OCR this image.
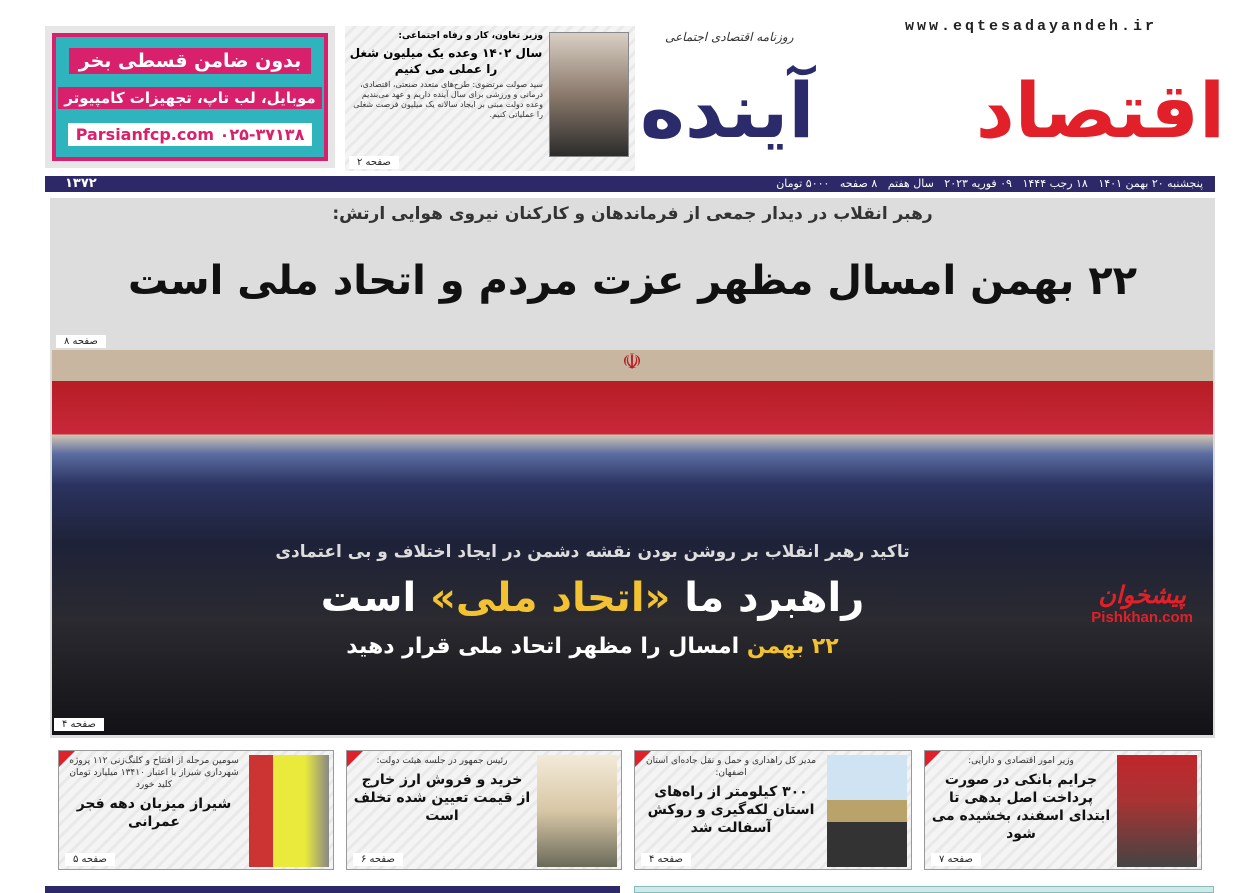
www.eqtesadayandeh.ir
روزنامه اقتصادی اجتماعی
اقتصاد
آینده
وزیر تعاون، کار و رفاه اجتماعی:
سال ۱۴۰۲ وعده یک میلیون شغل را عملی می کنیم
سید صولت مرتضوی: طرح‌های متعدد صنعتی، اقتصادی، درمانی و ورزشی برای سال آینده داریم و عهد می‌بندیم وعده دولت مبنی بر ایجاد سالانه یک میلیون فرصت شغلی را عملیاتی کنیم.
صفحه ۲
بدون ضامن قسطی بخر
موبایل، لب تاپ، تجهیزات کامپیوتر
Parsianfcp.com ۰۲۵-۳۷۱۳۸
پنجشنبه ۲۰ بهمن ۱۴۰۱   ۱۸ رجب ۱۴۴۴   ۰۹ فوریه ۲۰۲۳   سال هفتم   ۸ صفحه   ۵۰۰۰ تومان
۱۳۷۲
رهبر انقلاب در دیدار جمعی از فرماندهان و کارکنان نیروی هوایی ارتش:
۲۲ بهمن امسال مظهر عزت مردم و اتحاد ملی است
صفحه ۸
☫
تاکید رهبر انقلاب بر روشن بودن نقشه دشمن در ایجاد اختلاف و بی اعتمادی
راهبرد ما «اتحاد ملی» است
۲۲ بهمن امسال را مظهر اتحاد ملی قرار دهید
پیشخوان
Pishkhan.com
صفحه ۴
سومین مرحله از افتتاح و کلنگ‌زنی ۱۱۲ پروژه شهرداری شیراز با اعتبار ۱۳۴۱۰ میلیارد تومان کلید خورد
شیراز میزبان دهه فجر عمرانی
صفحه ۵
رئیس جمهور در جلسه هیئت دولت:
خرید و فروش ارز خارج از قیمت تعیین شده تخلف است
صفحه ۶
مدیر کل راهداری و حمل و نقل جاده‌ای استان اصفهان:
۳۰۰ کیلومتر از راه‌های استان لکه‌گیری و روکش آسفالت شد
صفحه ۴
وزیر امور اقتصادی و دارایی:
جرایم بانکی در صورت پرداخت اصل بدهی تا ابتدای اسفند، بخشیده می شود
صفحه ۷
